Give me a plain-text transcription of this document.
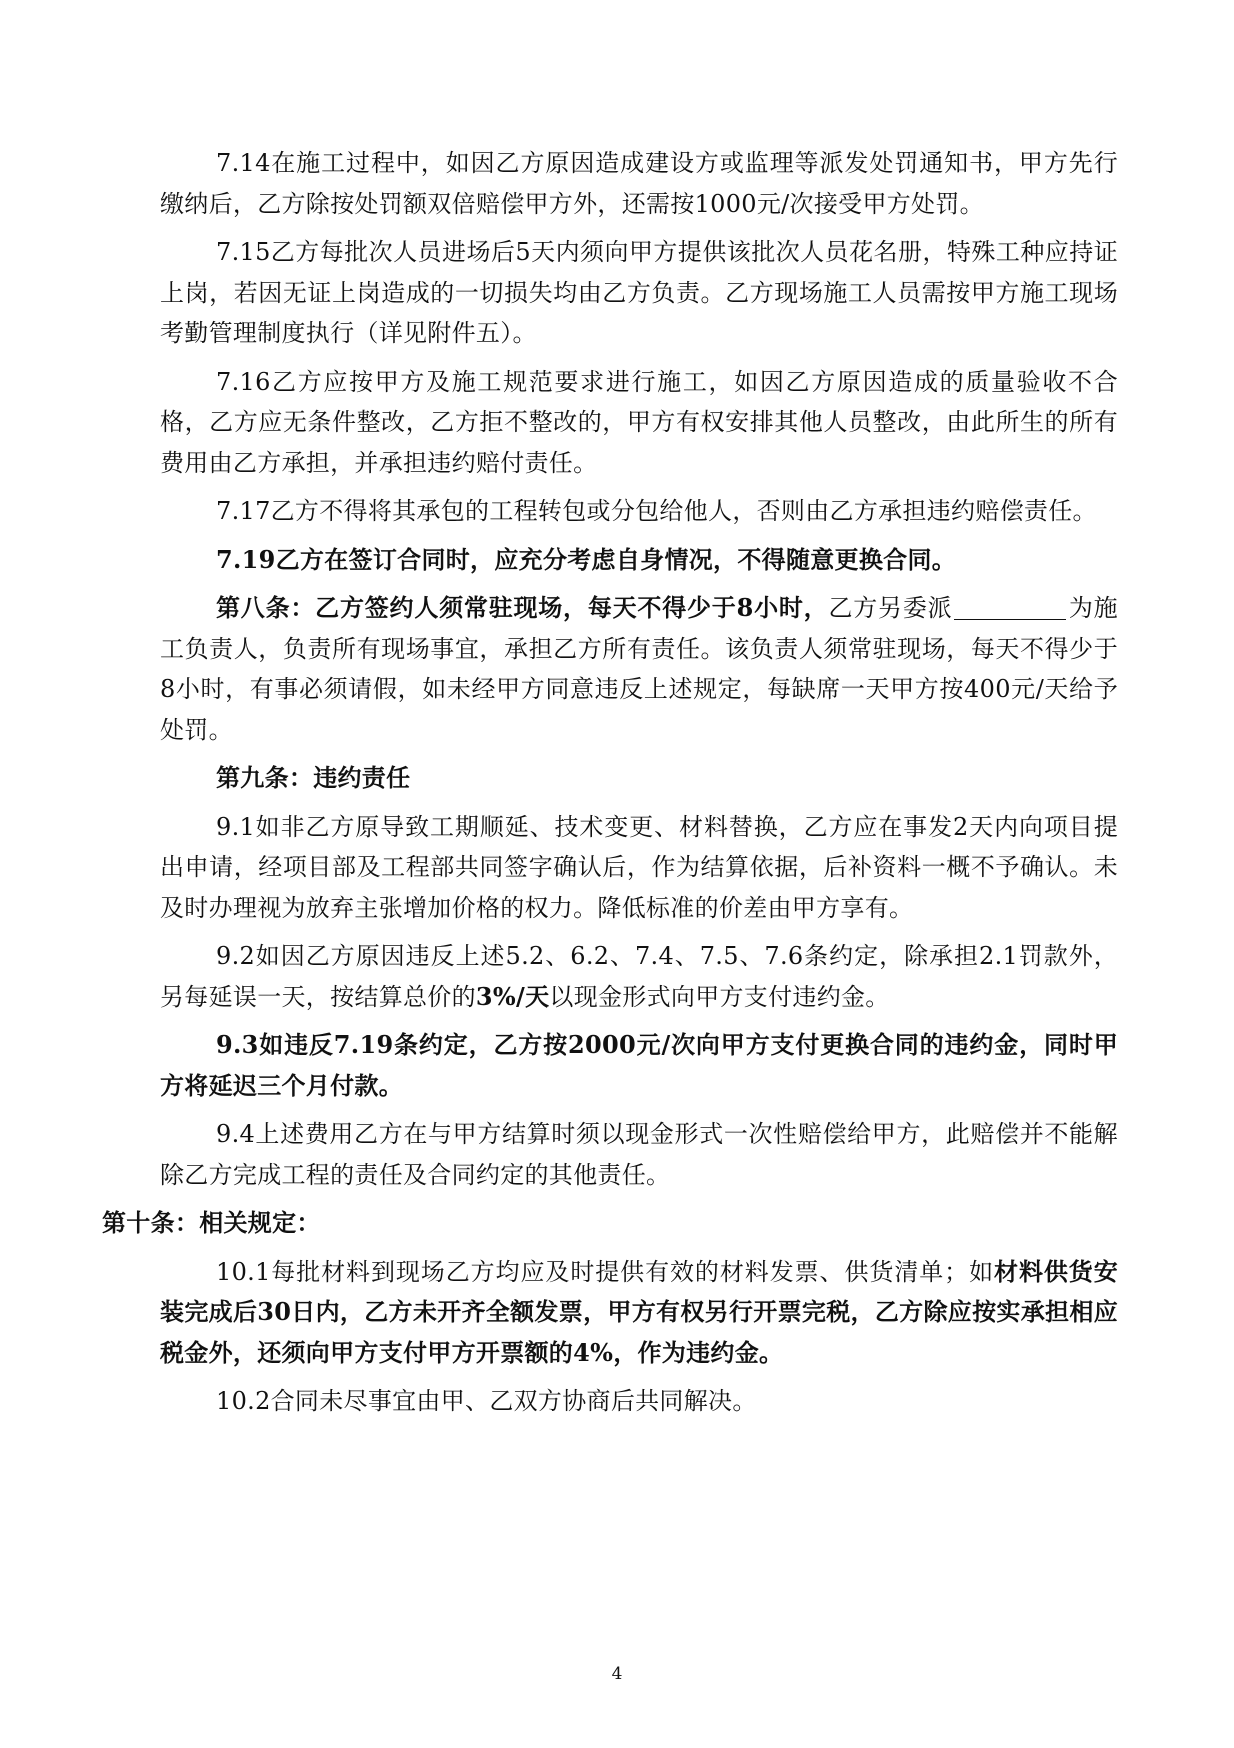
7.14在施工过程中，如因乙方原因造成建设方或监理等派发处罚通知书，甲方先行缴纳后，乙方除按处罚额双倍赔偿甲方外，还需按1000元/次接受甲方处罚。

7.15乙方每批次人员进场后5天内须向甲方提供该批次人员花名册，特殊工种应持证上岗，若因无证上岗造成的一切损失均由乙方负责。乙方现场施工人员需按甲方施工现场考勤管理制度执行（详见附件五）。

7.16乙方应按甲方及施工规范要求进行施工，如因乙方原因造成的质量验收不合格，乙方应无条件整改，乙方拒不整改的，甲方有权安排其他人员整改，由此所生的所有费用由乙方承担，并承担违约赔付责任。

7.17乙方不得将其承包的工程转包或分包给他人，否则由乙方承担违约赔偿责任。

7.19乙方在签订合同时，应充分考虑自身情况，不得随意更换合同。

第八条：乙方签约人须常驻现场，每天不得少于8小时，乙方另委派	为施工负责人，负责所有现场事宜，承担乙方所有责任。该负责人须常驻现场，每天不得少于8小时，有事必须请假，如未经甲方同意违反上述规定，每缺席一天甲方按400元/天给予处罚。

第九条：违约责任

9.1如非乙方原导致工期顺延、技术变更、材料替换，乙方应在事发2天内向项目提出申请，经项目部及工程部共同签字确认后，作为结算依据，后补资料一概不予确认。未及时办理视为放弃主张增加价格的权力。降低标准的价差由甲方享有。

9.2如因乙方原因违反上述5.2、6.2、7.4、7.5、7.6条约定，除承担2.1罚款外，另每延误一天，按结算总价的3%/天以现金形式向甲方支付违约金。

9.3如违反7.19条约定，乙方按2000元/次向甲方支付更换合同的违约金，同时甲方将延迟三个月付款。

9.4上述费用乙方在与甲方结算时须以现金形式一次性赔偿给甲方，此赔偿并不能解除乙方完成工程的责任及合同约定的其他责任。

第十条：相关规定：

10.1每批材料到现场乙方均应及时提供有效的材料发票、供货清单；如材料供货安装完成后30日内，乙方未开齐全额发票，甲方有权另行开票完税，乙方除应按实承担相应税金外，还须向甲方支付甲方开票额的4%，作为违约金。

10.2合同未尽事宜由甲、乙双方协商后共同解决。

4
